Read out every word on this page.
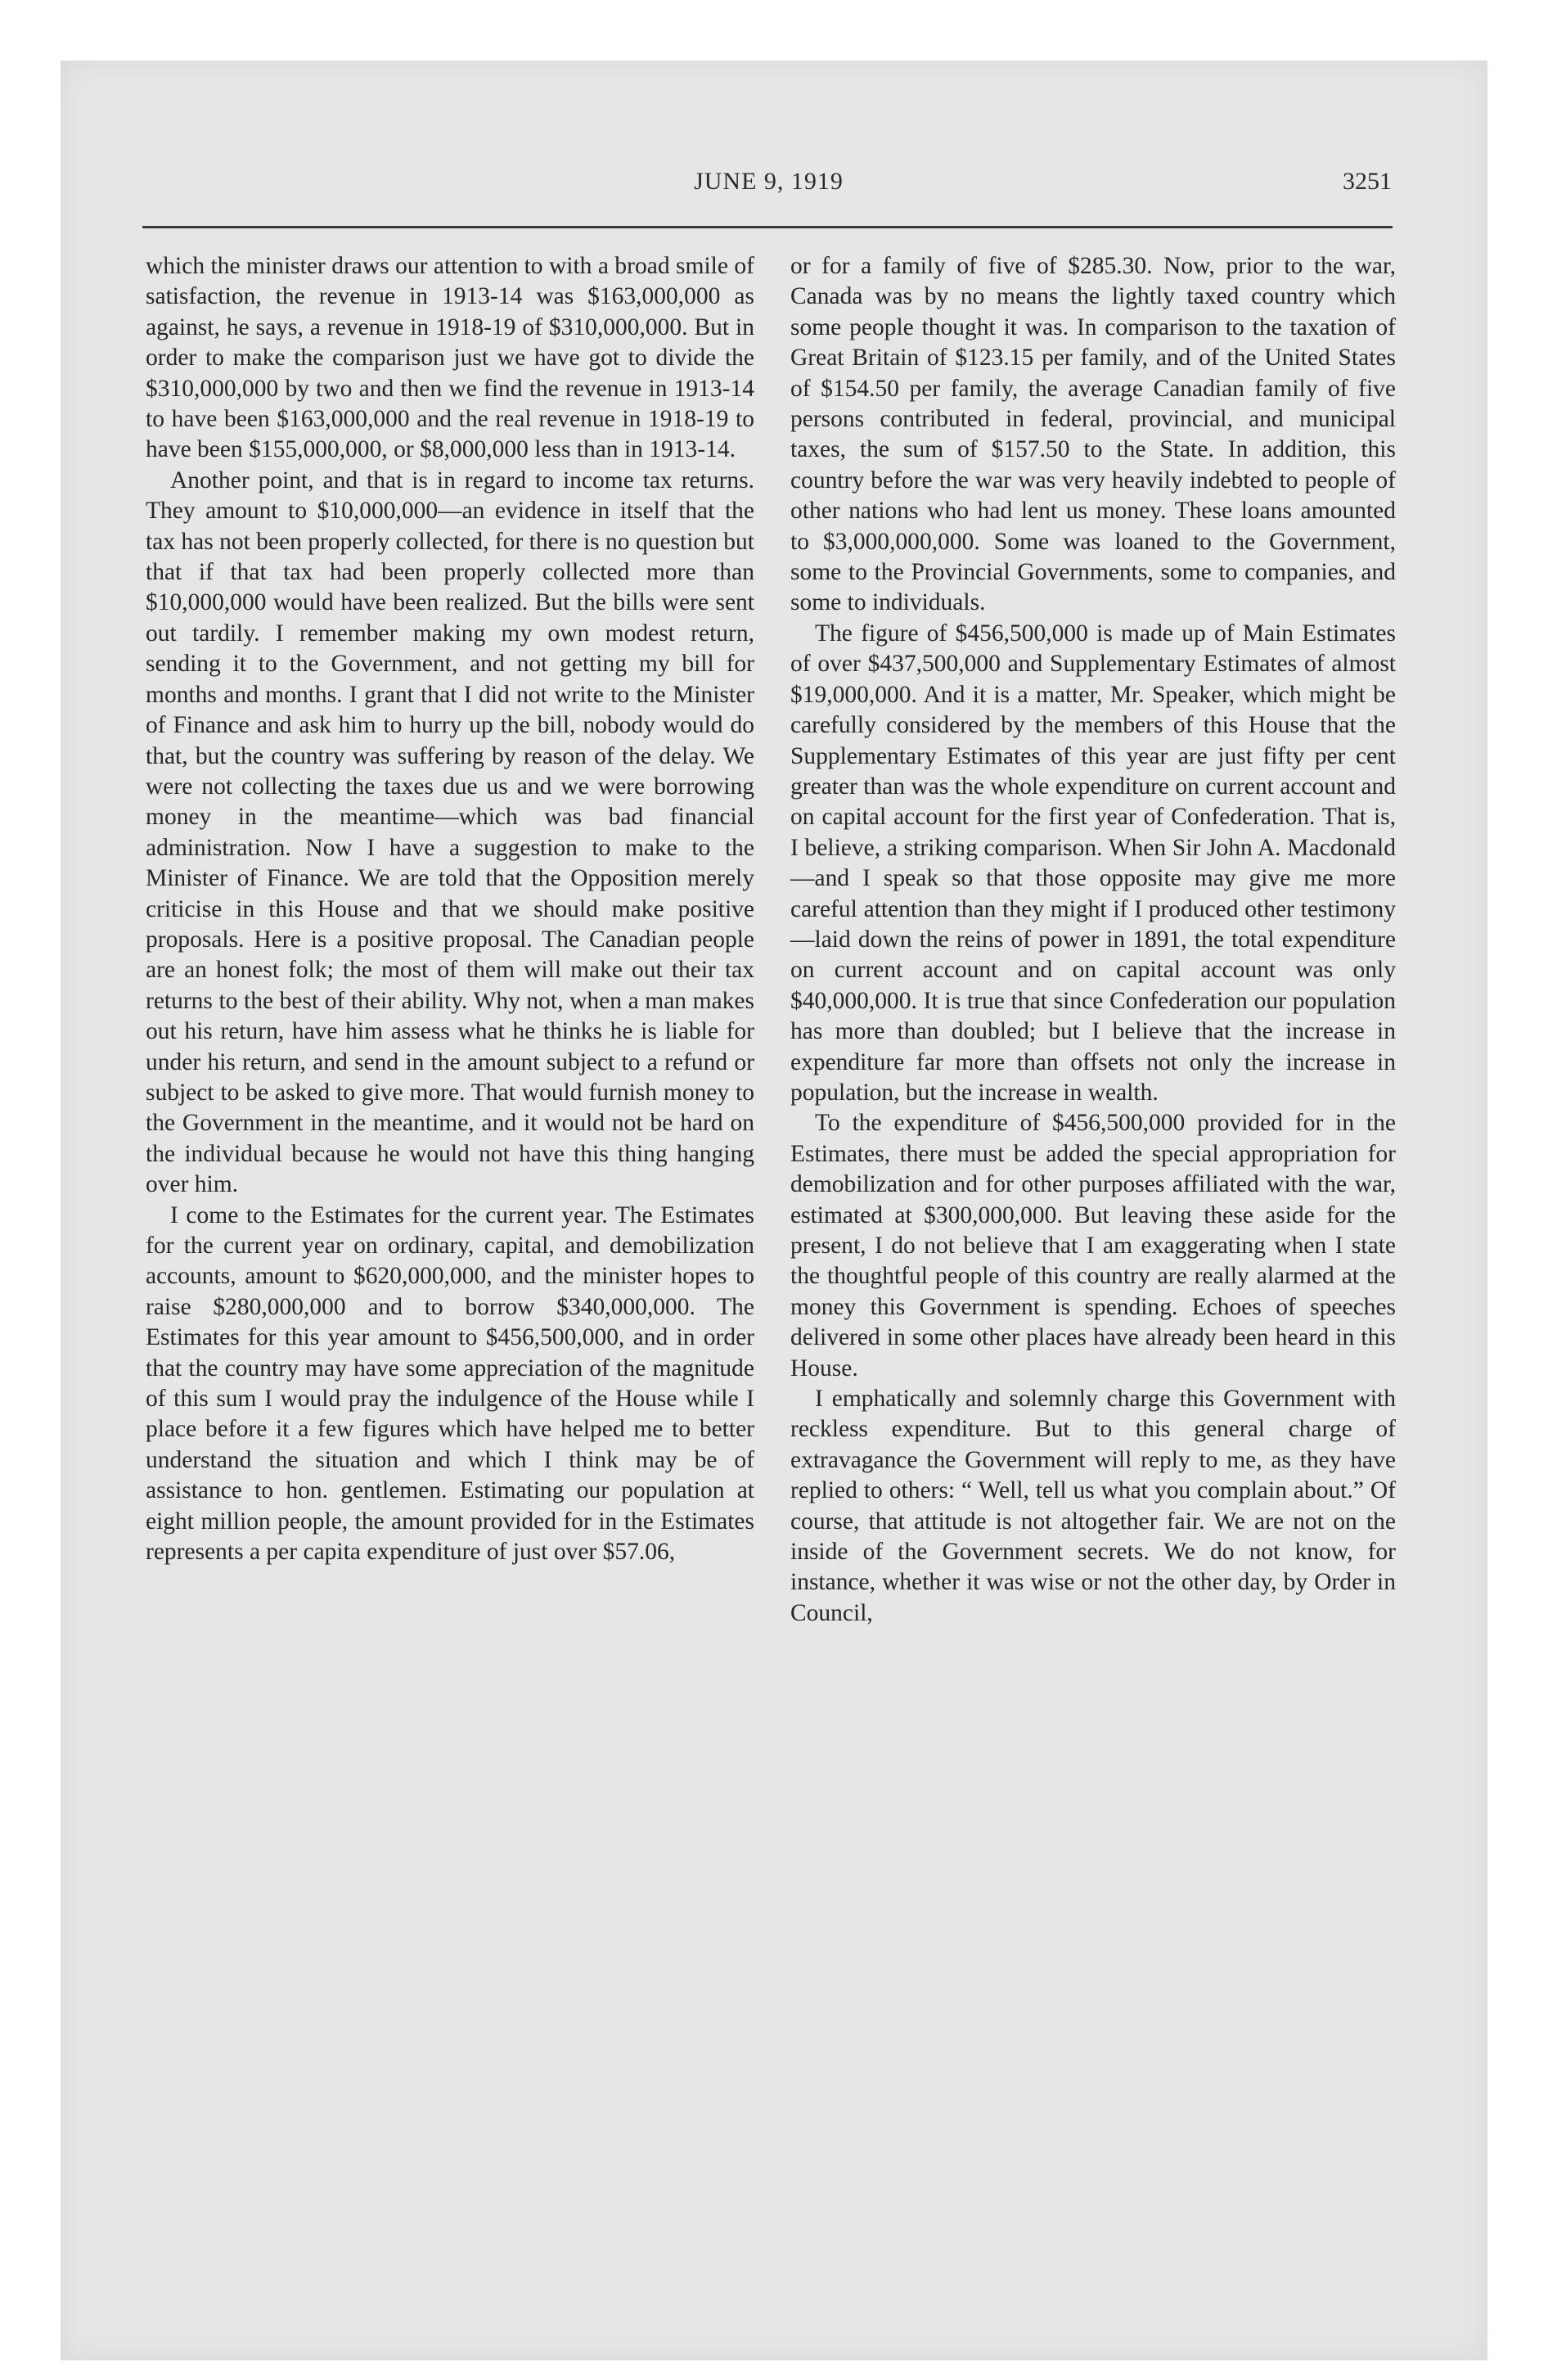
JUNE 9, 1919	3251

which the minister draws our attention to with a broad smile of satisfaction, the revenue in 1913-14 was $163,000,000 as against, he says, a revenue in 1918-19 of $310,000,000. But in order to make the comparison just we have got to divide the $310,000,000 by two and then we find the revenue in 1913-14 to have been $163,000,000 and the real revenue in 1918-19 to have been $155,000,000, or $8,000,000 less than in 1913-14.

Another point, and that is in regard to income tax returns. They amount to $10,000,000—an evidence in itself that the tax has not been properly collected, for there is no question but that if that tax had been properly collected more than $10,000,000 would have been realized. But the bills were sent out tardily. I remember making my own modest return, sending it to the Government, and not getting my bill for months and months. I grant that I did not write to the Minister of Finance and ask him to hurry up the bill, nobody would do that, but the country was suffering by reason of the delay. We were not collecting the taxes due us and we were borrowing money in the meantime—which was bad financial administration. Now I have a suggestion to make to the Minister of Finance. We are told that the Opposition merely criticise in this House and that we should make positive proposals. Here is a positive proposal. The Canadian people are an honest folk; the most of them will make out their tax returns to the best of their ability. Why not, when a man makes out his return, have him assess what he thinks he is liable for under his return, and send in the amount subject to a refund or subject to be asked to give more. That would furnish money to the Government in the meantime, and it would not be hard on the individual because he would not have this thing hanging over him.

I come to the Estimates for the current year. The Estimates for the current year on ordinary, capital, and demobilization accounts, amount to $620,000,000, and the minister hopes to raise $280,000,000 and to borrow $340,000,000. The Estimates for this year amount to $456,500,000, and in order that the country may have some appreciation of the magnitude of this sum I would pray the indulgence of the House while I place before it a few figures which have helped me to better understand the situation and which I think may be of assistance to hon. gentlemen. Estimating our population at eight million people, the amount provided for in the Estimates represents a per capita expenditure of just over $57.06,

or for a family of five of $285.30. Now, prior to the war, Canada was by no means the lightly taxed country which some people thought it was. In comparison to the taxation of Great Britain of $123.15 per family, and of the United States of $154.50 per family, the average Canadian family of five persons contributed in federal, provincial, and municipal taxes, the sum of $157.50 to the State. In addition, this country before the war was very heavily indebted to people of other nations who had lent us money. These loans amounted to $3,000,000,000. Some was loaned to the Government, some to the Provincial Governments, some to companies, and some to individuals.

The figure of $456,500,000 is made up of Main Estimates of over $437,500,000 and Supplementary Estimates of almost $19,000,000. And it is a matter, Mr. Speaker, which might be carefully considered by the members of this House that the Supplementary Estimates of this year are just fifty per cent greater than was the whole expenditure on current account and on capital account for the first year of Confederation. That is, I believe, a striking comparison. When Sir John A. Macdonald—and I speak so that those opposite may give me more careful attention than they might if I produced other testimony—laid down the reins of power in 1891, the total expenditure on current account and on capital account was only $40,000,000. It is true that since Confederation our population has more than doubled; but I believe that the increase in expenditure far more than offsets not only the increase in population, but the increase in wealth.

To the expenditure of $456,500,000 provided for in the Estimates, there must be added the special appropriation for demobilization and for other purposes affiliated with the war, estimated at $300,000,000. But leaving these aside for the present, I do not believe that I am exaggerating when I state the thoughtful people of this country are really alarmed at the money this Government is spending. Echoes of speeches delivered in some other places have already been heard in this House.

I emphatically and solemnly charge this Government with reckless expenditure. But to this general charge of extravagance the Government will reply to me, as they have replied to others: “ Well, tell us what you complain about.” Of course, that attitude is not altogether fair. We are not on the inside of the Government secrets. We do not know, for instance, whether it was wise or not the other day, by Order in Council,
